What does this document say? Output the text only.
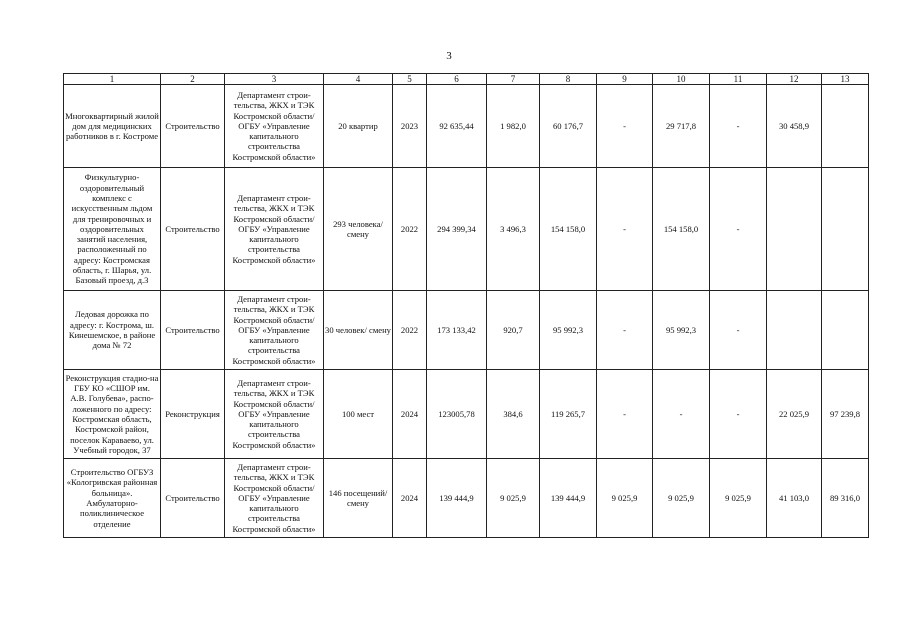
3
1	2	3	4	5	6	7	8	9	10	11	12	13
Многоквартирный жилой дом для медицинских работников в г. Костроме	Строительство	Департамент строи-тельства, ЖКХ и ТЭК Костромской области/ ОГБУ «Управление капитального строительства Костромской области»	20 квартир	2023	92 635,44	1 982,0	60 176,7	-	29 717,8	-	30 458,9	
Физкультурно-оздоровительный комплекс с искусственным льдом для тренировочных и оздоровительных занятий населения, расположенный по адресу: Костромская область, г. Шарья, ул. Базовый проезд, д.3	Строительство	Департамент строи-тельства, ЖКХ и ТЭК Костромской области/ ОГБУ «Управление капитального строительства Костромской области»	293 человека/ смену	2022	294 399,34	3 496,3	154 158,0	-	154 158,0	-		
Ледовая дорожка по адресу: г. Кострома, ш. Кинешемское, в районе дома № 72	Строительство	Департамент строи-тельства, ЖКХ и ТЭК Костромской области/ ОГБУ «Управление капитального строительства Костромской области»	30 человек/ смену	2022	173 133,42	920,7	95 992,3	-	95 992,3	-		
Реконструкция стадио-на ГБУ КО «СШОР им. А.В. Голубева», распо-ложенного по адресу: Костромская область, Костромской район, поселок Караваево, ул. Учебный городок, 37	Реконструкция	Департамент строи-тельства, ЖКХ и ТЭК Костромской области/ ОГБУ «Управление капитального строительства Костромской области»	100 мест	2024	123005,78	384,6	119 265,7	-	-	-	22 025,9	97 239,8
Строительство ОГБУЗ «Кологривская районная больница». Амбулаторно-поликлиническое отделение	Строительство	Департамент строи-тельства, ЖКХ и ТЭК Костромской области/ ОГБУ «Управление капитального строительства Костромской области»	146 посещений/ смену	2024	139 444,9	9 025,9	139 444,9	9 025,9	9 025,9	9 025,9	41 103,0	89 316,0
